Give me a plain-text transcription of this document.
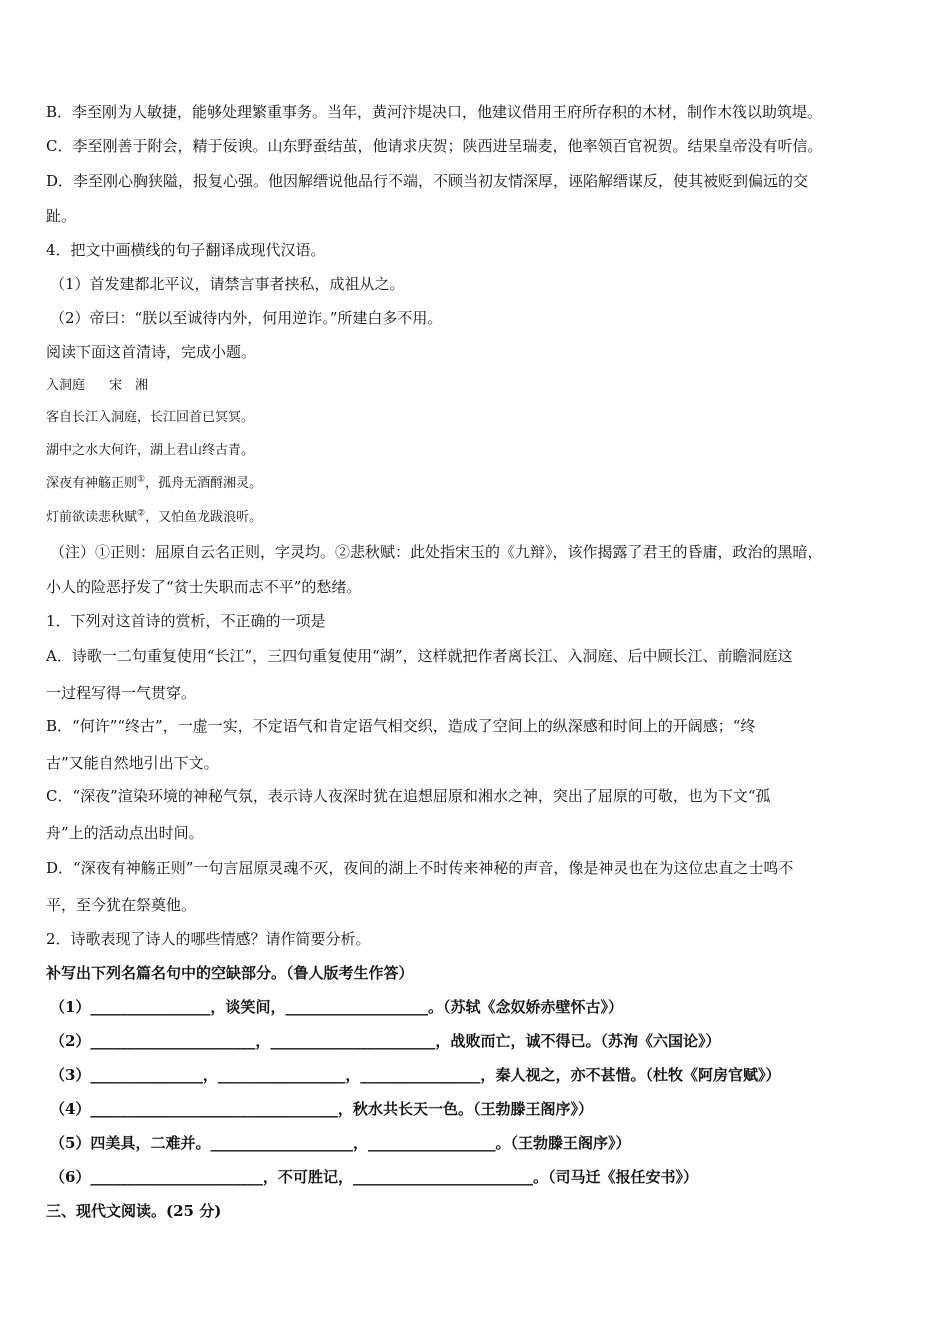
B．李至刚为人敏捷，能够处理繁重事务。当年，黄河汴堤决口，他建议借用王府所存积的木材，制作木筏以助筑堤。
C．李至刚善于附会，精于佞谀。山东野蚕结茧，他请求庆贺；陕西进呈瑞麦，他率领百官祝贺。结果皇帝没有听信。
D．李至刚心胸狭隘，报复心强。他因解缙说他品行不端，不顾当初友情深厚，诬陷解缙谋反，使其被贬到偏远的交
趾。
4．把文中画横线的句子翻译成现代汉语。
（1）首发建都北平议，请禁言事者挟私，成祖从之。
（2）帝曰：“朕以至诚待内外，何用逆诈。”所建白多不用。
阅读下面这首清诗，完成小题。
入洞庭 宋　湘
客自长江入洞庭，长江回首已冥冥。
湖中之水大何许，湖上君山终古青。
深夜有神觞正则①，孤舟无酒酹湘灵。
灯前欲读悲秋赋②，又怕鱼龙跋浪听。
（注）①正则：屈原自云名正则，字灵均。②悲秋赋：此处指宋玉的《九辩》，该作揭露了君王的昏庸，政治的黑暗，
小人的险恶抒发了“贫士失职而志不平”的愁绪。
1．下列对这首诗的赏析，不正确的一项是
A．诗歌一二句重复使用“长江”，三四句重复使用“湖”，这样就把作者离长江、入洞庭、后中顾长江、前瞻洞庭这
一过程写得一气贯穿。
B．“何许”“终古”，一虚一实，不定语气和肯定语气相交织，造成了空间上的纵深感和时间上的开阔感；“终
古”又能自然地引出下文。
C．“深夜”渲染环境的神秘气氛，表示诗人夜深时犹在追想屈原和湘水之神，突出了屈原的可敬，也为下文“孤
舟”上的活动点出时间。
D．“深夜有神觞正则”一句言屈原灵魂不灭，夜间的湖上不时传来神秘的声音，像是神灵也在为这位忠直之士鸣不
平，至今犹在祭奠他。
2．诗歌表现了诗人的哪些情感？请作简要分析。
补写出下列名篇名句中的空缺部分。（鲁人版考生作答）
（1）________________，谈笑间，___________________。（苏轼《念奴娇赤壁怀古》）
（2）______________________，______________________，战败而亡，诚不得已。（苏洵《六国论》）
（3）_______________，_________________，________________，秦人视之，亦不甚惜。（杜牧《阿房官赋》）
（4）_________________________________，秋水共长天一色。（王勃滕王阁序》）
（5）四美具，二难并。___________________，_________________。（王勃滕王阁序》）
（6）_______________________，不可胜记，________________________。（司马迁《报任安书》）
三、现代文阅读。(25 分)
